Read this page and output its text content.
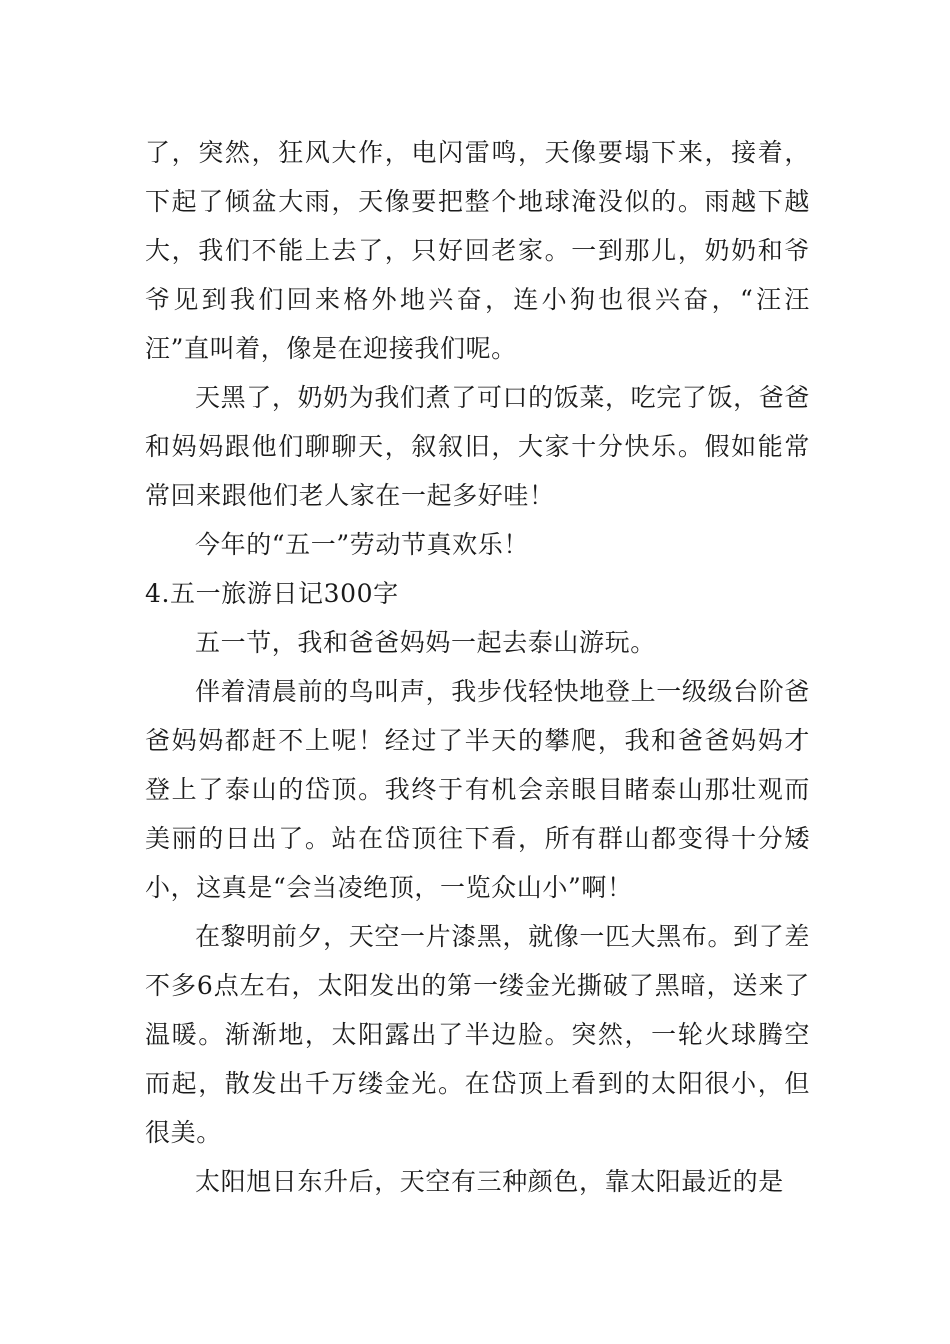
了，突然，狂风大作，电闪雷鸣，天像要塌下来，接着，下起了倾盆大雨，天像要把整个地球淹没似的。雨越下越大，我们不能上去了，只好回老家。一到那儿，奶奶和爷爷见到我们回来格外地兴奋，连小狗也很兴奋，“汪汪汪”直叫着，像是在迎接我们呢。

天黑了，奶奶为我们煮了可口的饭菜，吃完了饭，爸爸和妈妈跟他们聊聊天，叙叙旧，大家十分快乐。假如能常常回来跟他们老人家在一起多好哇！

今年的“五一”劳动节真欢乐！

4.五一旅游日记300字

五一节，我和爸爸妈妈一起去泰山游玩。

伴着清晨前的鸟叫声，我步伐轻快地登上一级级台阶爸爸妈妈都赶不上呢！经过了半天的攀爬，我和爸爸妈妈才登上了泰山的岱顶。我终于有机会亲眼目睹泰山那壮观而美丽的日出了。站在岱顶往下看，所有群山都变得十分矮小，这真是“会当凌绝顶，一览众山小”啊！

在黎明前夕，天空一片漆黑，就像一匹大黑布。到了差不多6点左右，太阳发出的第一缕金光撕破了黑暗，送来了温暖。渐渐地，太阳露出了半边脸。突然，一轮火球腾空而起，散发出千万缕金光。在岱顶上看到的太阳很小，但很美。

太阳旭日东升后，天空有三种颜色，靠太阳最近的是
